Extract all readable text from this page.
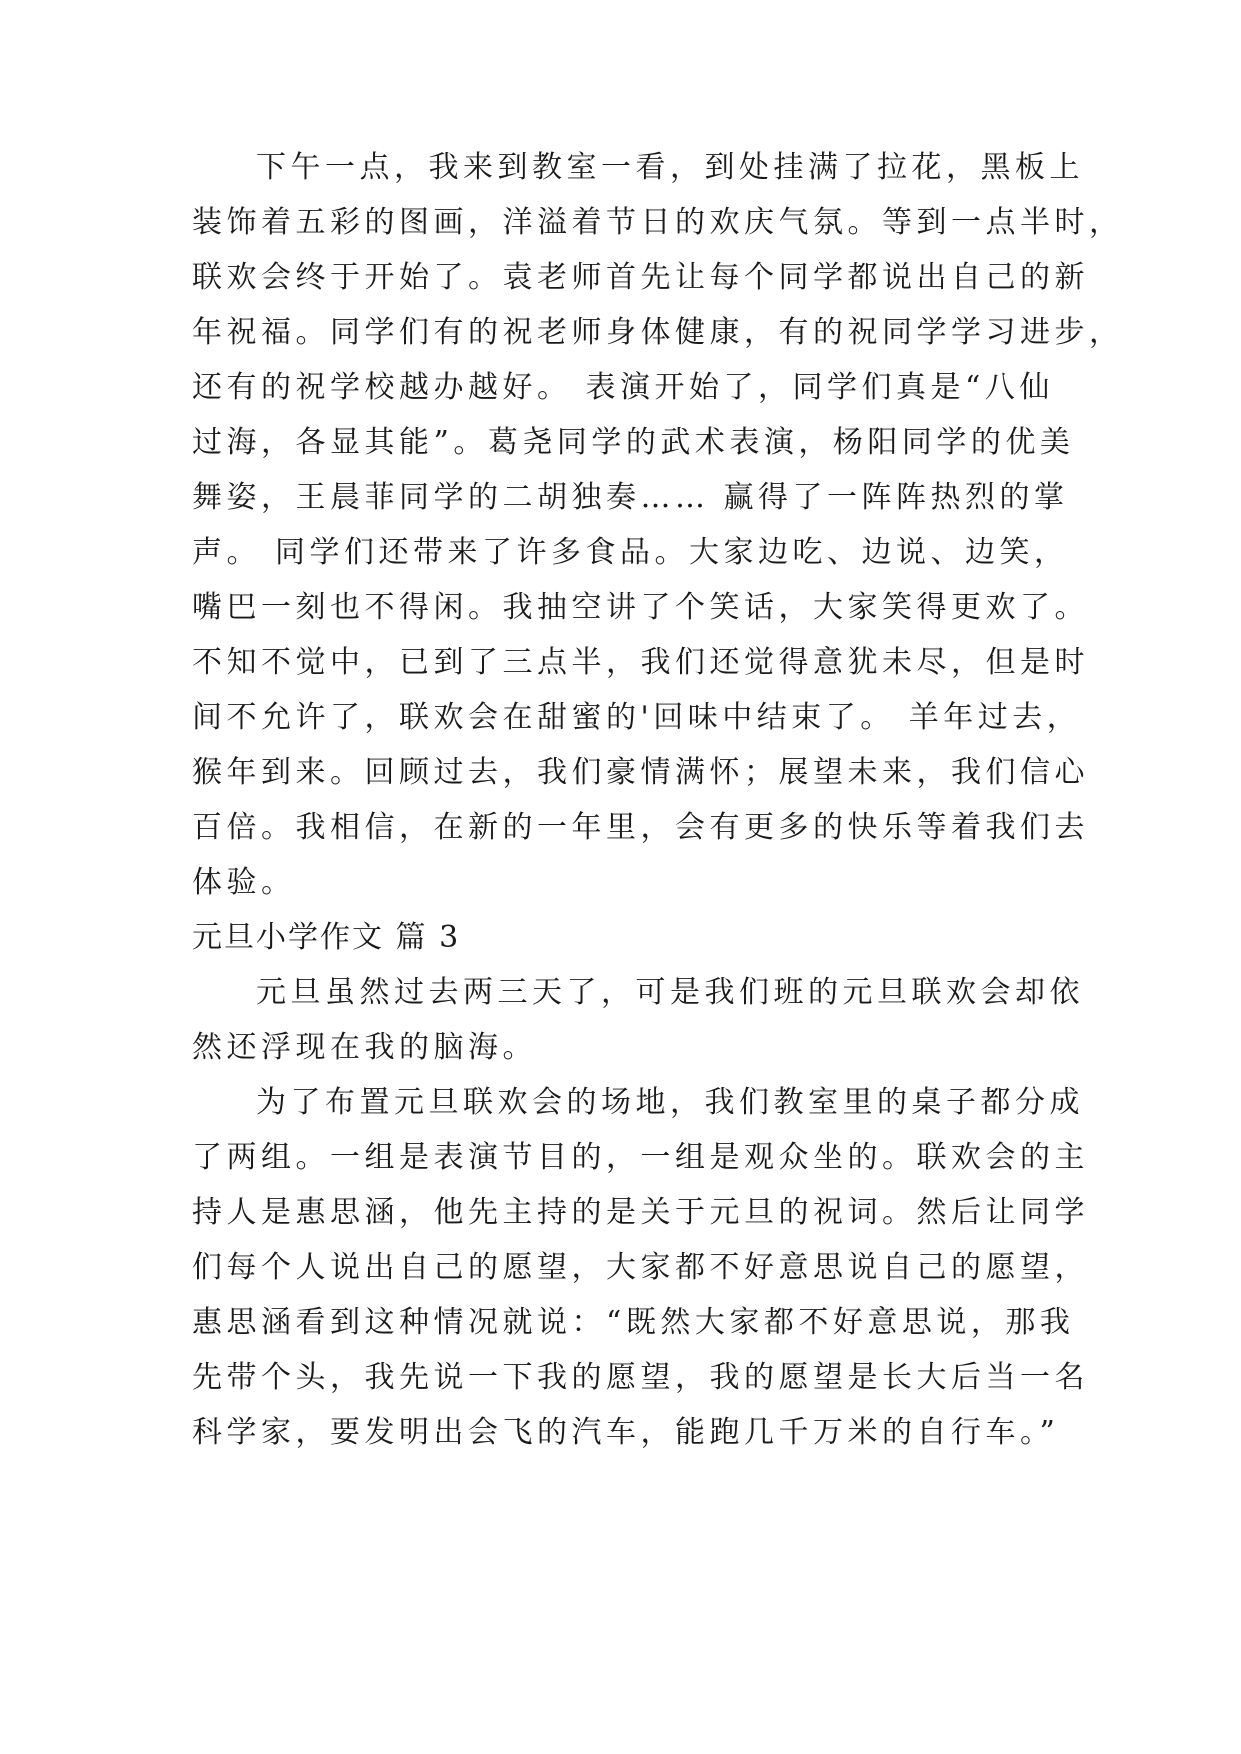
下午一点，我来到教室一看，到处挂满了拉花，黑板上
装饰着五彩的图画，洋溢着节日的欢庆气氛。等到一点半时，
联欢会终于开始了。袁老师首先让每个同学都说出自己的新
年祝福。同学们有的祝老师身体健康，有的祝同学学习进步，
还有的祝学校越办越好。 表演开始了，同学们真是“八仙
过海，各显其能”。葛尧同学的武术表演，杨阳同学的优美
舞姿，王晨菲同学的二胡独奏…… 赢得了一阵阵热烈的掌
声。 同学们还带来了许多食品。大家边吃、边说、边笑，
嘴巴一刻也不得闲。我抽空讲了个笑话，大家笑得更欢了。
不知不觉中，已到了三点半，我们还觉得意犹未尽，但是时
间不允许了，联欢会在甜蜜的'回味中结束了。 羊年过去，
猴年到来。回顾过去，我们豪情满怀；展望未来，我们信心
百倍。我相信，在新的一年里，会有更多的快乐等着我们去
体验。
元旦小学作文 篇 3
元旦虽然过去两三天了，可是我们班的元旦联欢会却依
然还浮现在我的脑海。
为了布置元旦联欢会的场地，我们教室里的桌子都分成
了两组。一组是表演节目的，一组是观众坐的。联欢会的主
持人是惠思涵，他先主持的是关于元旦的祝词。然后让同学
们每个人说出自己的愿望，大家都不好意思说自己的愿望，
惠思涵看到这种情况就说：“既然大家都不好意思说，那我
先带个头，我先说一下我的愿望，我的愿望是长大后当一名
科学家，要发明出会飞的汽车，能跑几千万米的自行车。”
